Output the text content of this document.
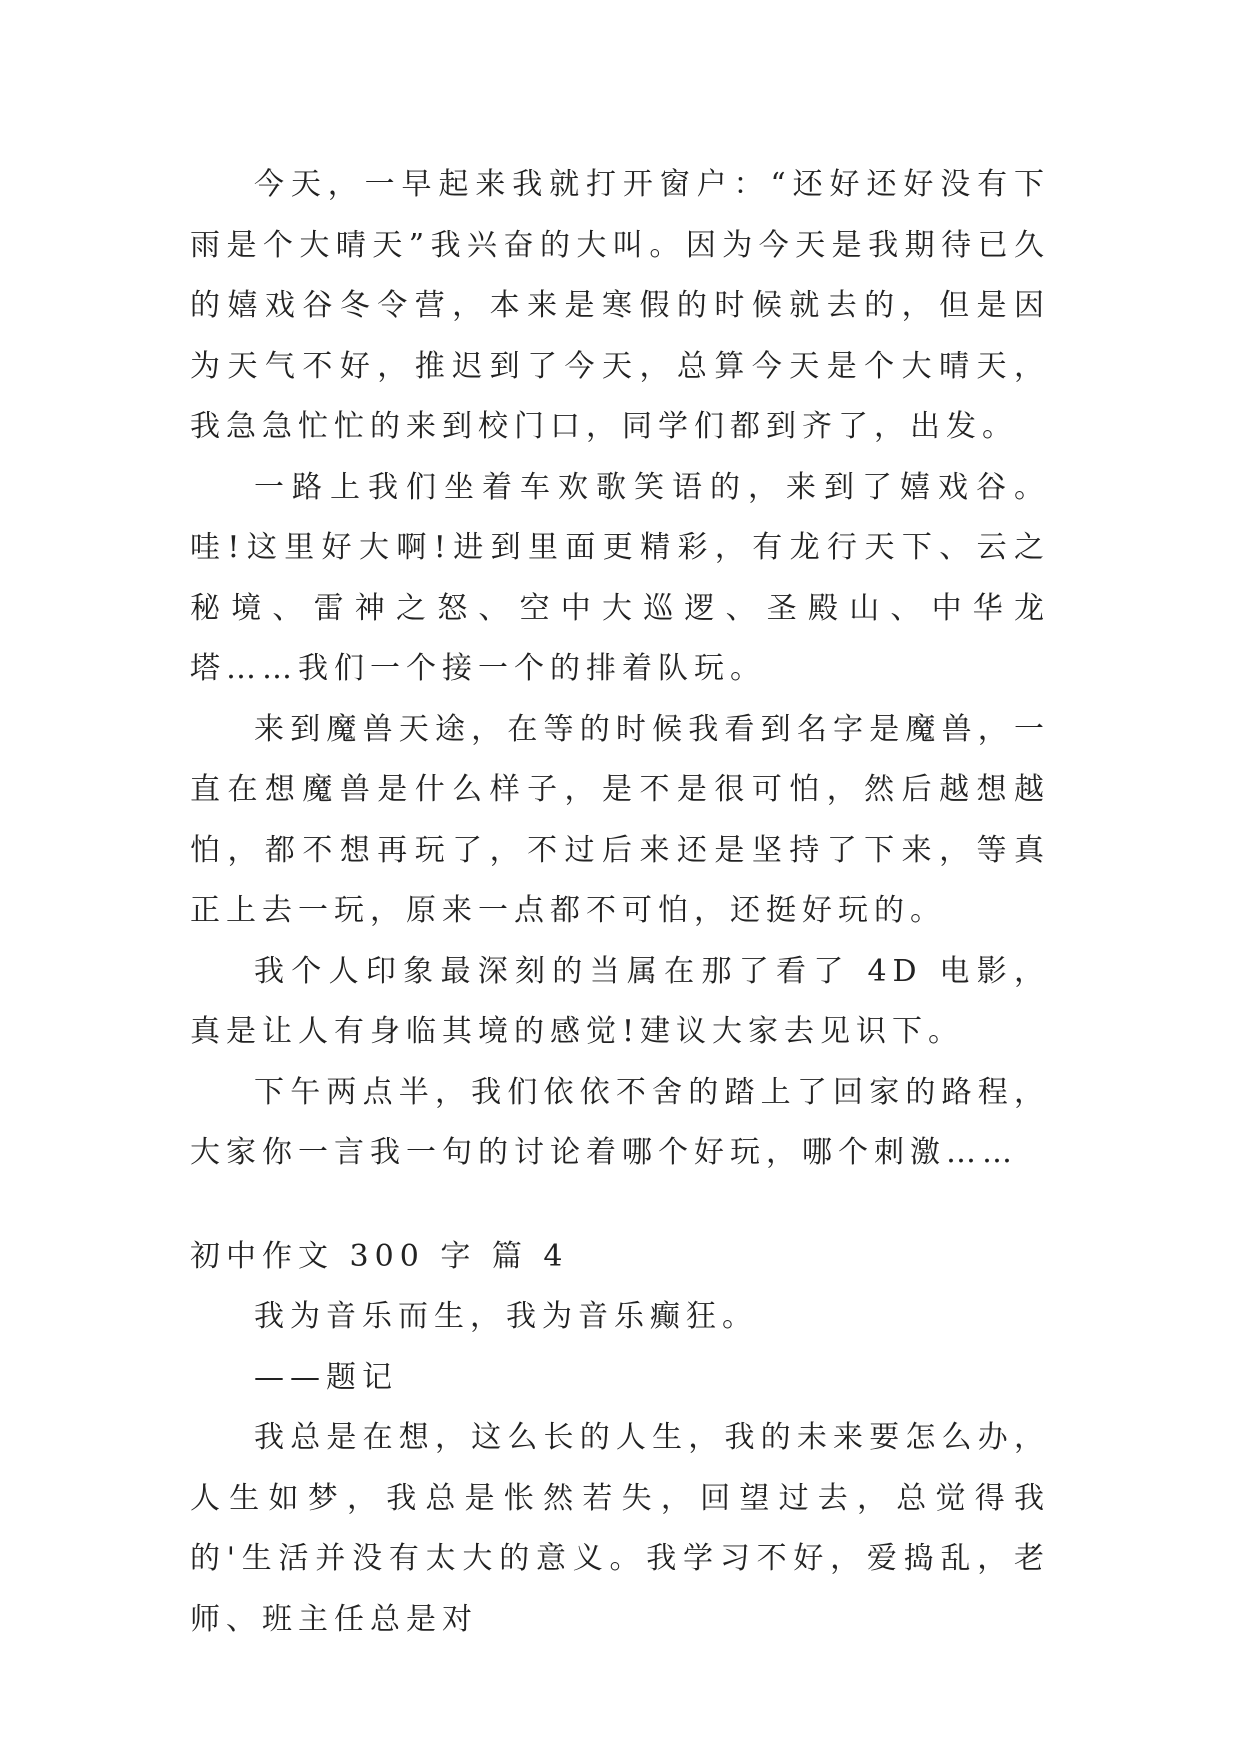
今天，一早起来我就打开窗户：“还好还好没有下雨是个大晴天”我兴奋的大叫。因为今天是我期待已久的嬉戏谷冬令营，本来是寒假的时候就去的，但是因为天气不好，推迟到了今天，总算今天是个大晴天，我急急忙忙的来到校门口，同学们都到齐了，出发。

一路上我们坐着车欢歌笑语的，来到了嬉戏谷。哇!这里好大啊!进到里面更精彩，有龙行天下、云之秘境、雷神之怒、空中大巡逻、圣殿山、中华龙塔……我们一个接一个的排着队玩。

来到魔兽天途，在等的时候我看到名字是魔兽，一直在想魔兽是什么样子，是不是很可怕，然后越想越怕，都不想再玩了，不过后来还是坚持了下来，等真正上去一玩，原来一点都不可怕，还挺好玩的。

我个人印象最深刻的当属在那了看了 4D 电影，真是让人有身临其境的感觉!建议大家去见识下。

下午两点半，我们依依不舍的踏上了回家的路程，大家你一言我一句的讨论着哪个好玩，哪个刺激……

初中作文 300 字 篇 4

我为音乐而生，我为音乐癫狂。

——题记

我总是在想，这么长的人生，我的未来要怎么办，人生如梦，我总是怅然若失，回望过去，总觉得我的'生活并没有太大的意义。我学习不好，爱捣乱，老师、班主任总是对
